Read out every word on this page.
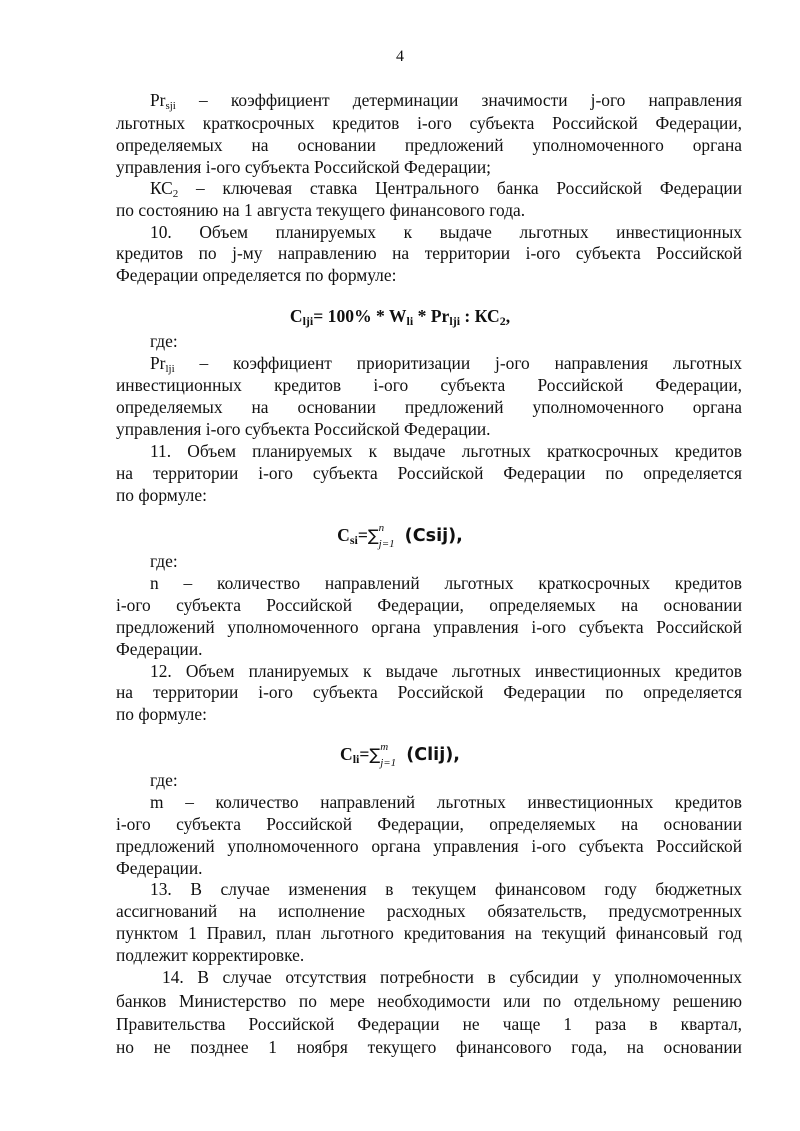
4
$Pr_{sji}$ – коэффициент детерминации значимости j-ого направления
льготных краткосрочных кредитов i-ого субъекта Российской Федерации,
определяемых на основании предложений уполномоченного органа
управления i-ого субъекта Российской Федерации;
$КС_2$ – ключевая ставка Центрального банка Российской Федерации
по состоянию на 1 августа текущего финансового года.
10. Объем планируемых к выдаче льготных инвестиционных
кредитов по j-му направлению на территории i-ого субъекта Российской
Федерации определяется по формуле:
где:
$Pr_{lji}$ – коэффициент приоритизации j-ого направления льготных
инвестиционных кредитов i-ого субъекта Российской Федерации,
определяемых на основании предложений уполномоченного органа
управления i-ого субъекта Российской Федерации.
11. Объем планируемых к выдаче льготных краткосрочных кредитов
на территории i-ого субъекта Российской Федерации по определяется
по формуле:
где:
n – количество направлений льготных краткосрочных кредитов
i-ого субъекта Российской Федерации, определяемых на основании
предложений уполномоченного органа управления i-ого субъекта Российской
Федерации.
12. Объем планируемых к выдаче льготных инвестиционных кредитов
на территории i-ого субъекта Российской Федерации по определяется
по формуле:
где:
m – количество направлений льготных инвестиционных кредитов
i-ого субъекта Российской Федерации, определяемых на основании
предложений уполномоченного органа управления i-ого субъекта Российской
Федерации.
13. В случае изменения в текущем финансовом году бюджетных
ассигнований на исполнение расходных обязательств, предусмотренных
пунктом 1 Правил, план льготного кредитования на текущий финансовый год
подлежит корректировке.
14. В случае отсутствия потребности в субсидии у уполномоченных
банков Министерство по мере необходимости или по отдельному решению
Правительства Российской Федерации не чаще 1 раза в квартал,
но не позднее 1 ноября текущего финансового года, на основании
$C_{lji}= 100\% * W_{li} * Pr_{lji}$ : $КС_2$,
$C_{si}=\sum$ n
j=1 (Csij),
$C_{li}=\sum$ m
j=1 (Clij),
